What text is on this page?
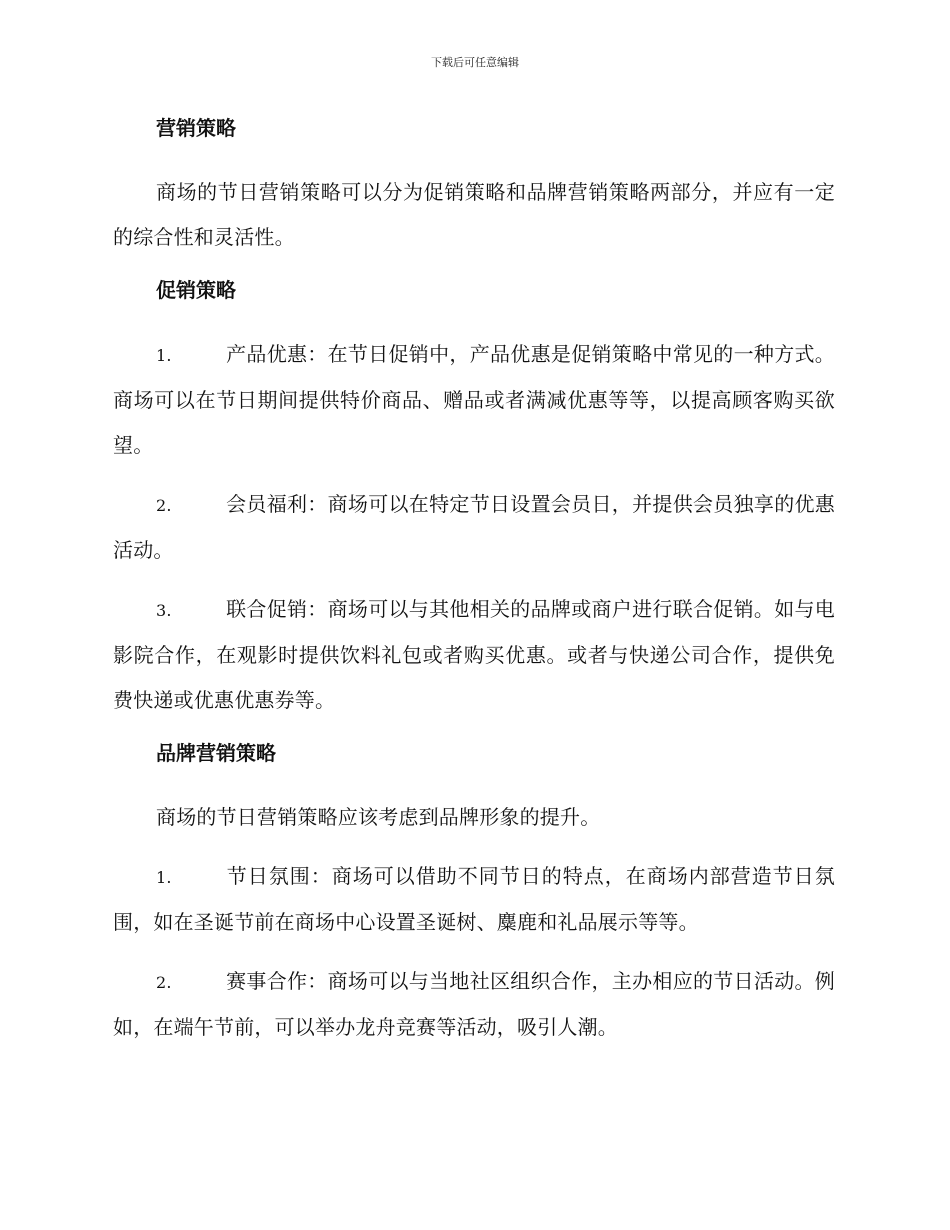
下载后可任意编辑
营销策略
商场的节日营销策略可以分为促销策略和品牌营销策略两部分，并应有一定的综合性和灵活性。
促销策略
1.	产品优惠：在节日促销中，产品优惠是促销策略中常见的一种方式。商场可以在节日期间提供特价商品、赠品或者满减优惠等等，以提高顾客购买欲望。
2.	会员福利：商场可以在特定节日设置会员日，并提供会员独享的优惠活动。
3.	联合促销：商场可以与其他相关的品牌或商户进行联合促销。如与电影院合作，在观影时提供饮料礼包或者购买优惠。或者与快递公司合作，提供免费快递或优惠优惠券等。
品牌营销策略
商场的节日营销策略应该考虑到品牌形象的提升。
1.	节日氛围：商场可以借助不同节日的特点，在商场内部营造节日氛围，如在圣诞节前在商场中心设置圣诞树、麋鹿和礼品展示等等。
2.	赛事合作：商场可以与当地社区组织合作，主办相应的节日活动。例如，在端午节前，可以举办龙舟竞赛等活动，吸引人潮。
